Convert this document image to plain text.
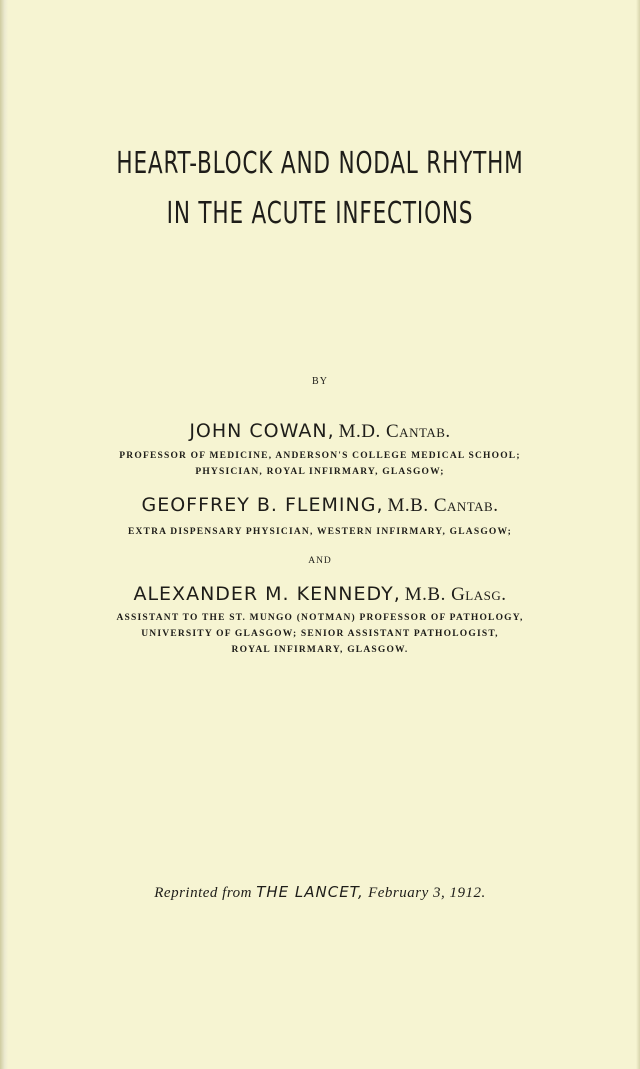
HEART-BLOCK AND NODAL RHYTHM
IN THE ACUTE INFECTIONS
BY
JOHN COWAN, M.D. Cantab.
PROFESSOR OF MEDICINE, ANDERSON'S COLLEGE MEDICAL SCHOOL;
PHYSICIAN, ROYAL INFIRMARY, GLASGOW;
GEOFFREY B. FLEMING, M.B. Cantab.
EXTRA DISPENSARY PHYSICIAN, WESTERN INFIRMARY, GLASGOW;
AND
ALEXANDER M. KENNEDY, M.B. Glasg.
ASSISTANT TO THE ST. MUNGO (NOTMAN) PROFESSOR OF PATHOLOGY,
UNIVERSITY OF GLASGOW; SENIOR ASSISTANT PATHOLOGIST,
ROYAL INFIRMARY, GLASGOW.
Reprinted from THE LANCET, February 3, 1912.
